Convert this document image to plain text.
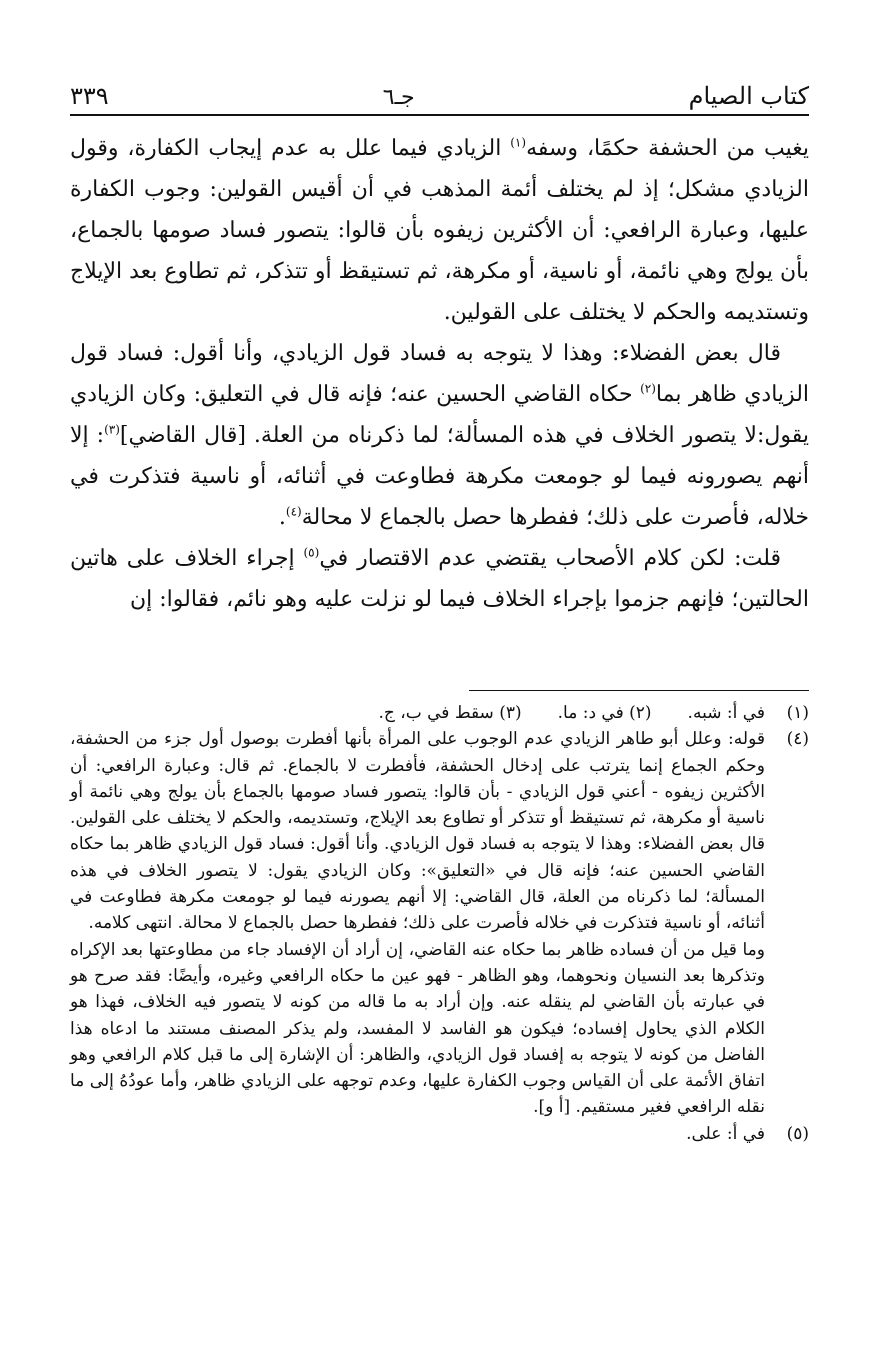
كتاب الصيام
جـ٦
٣٣٩

يغيب من الحشفة حكمًا، وسفه$^{(١)}$ الزيادي فيما علل به عدم إيجاب الكفارة، وقول الزيادي مشكل؛ إذ لم يختلف أئمة المذهب في أن أقيس القولين: وجوب الكفارة عليها، وعبارة الرافعي: أن الأكثرين زيفوه بأن قالوا: يتصور فساد صومها بالجماع، بأن يولج وهي نائمة، أو ناسية، أو مكرهة، ثم تستيقظ أو تتذكر، ثم تطاوع بعد الإيلاج وتستديمه والحكم لا يختلف على القولين.

قال بعض الفضلاء: وهذا لا يتوجه به فساد قول الزيادي، وأنا أقول: فساد قول الزيادي ظاهر بما$^{(٢)}$ حكاه القاضي الحسين عنه؛ فإنه قال في التعليق: وكان الزيادي يقول:لا يتصور الخلاف في هذه المسألة؛ لما ذكرناه من العلة. [قال القاضي]$^{(٣)}$: إلا أنهم يصورونه فيما لو جومعت مكرهة فطاوعت في أثنائه، أو ناسية فتذكرت في خلاله، فأصرت على ذلك؛ ففطرها حصل بالجماع لا محالة$^{(٤)}$.

قلت: لكن كلام الأصحاب يقتضي عدم الاقتصار في$^{(٥)}$ إجراء الخلاف على هاتين الحالتين؛ فإنهم جزموا بإجراء الخلاف فيما لو نزلت عليه وهو نائم، فقالوا: إن

(١)
في أ: شبه.
(٢) في د: ما.
(٣) سقط في ب، ج.
(٤)

قوله: وعلل أبو طاهر الزيادي عدم الوجوب على المرأة بأنها أفطرت بوصول أول جزء من الحشفة، وحكم الجماع إنما يترتب على إدخال الحشفة، فأفطرت لا بالجماع. ثم قال: وعبارة الرافعي: أن الأكثرين زيفوه - أعني قول الزيادي - بأن قالوا: يتصور فساد صومها بالجماع بأن يولج وهي نائمة أو ناسية أو مكرهة، ثم تستيقظ أو تتذكر أو تطاوع بعد الإيلاج، وتستديمه، والحكم لا يختلف على القولين. قال بعض الفضلاء: وهذا لا يتوجه به فساد قول الزيادي. وأنا أقول: فساد قول الزيادي ظاهر بما حكاه القاضي الحسين عنه؛ فإنه قال في «التعليق»: وكان الزيادي يقول: لا يتصور الخلاف في هذه المسألة؛ لما ذكرناه من العلة، قال القاضي: إلا أنهم يصورنه فيما لو جومعت مكرهة فطاوعت في أثنائه، أو ناسية فتذكرت في خلاله فأصرت على ذلك؛ ففطرها حصل بالجماع لا محالة. انتهى كلامه.

وما قيل من أن فساده ظاهر بما حكاه عنه القاضي، إن أراد أن الإفساد جاء من مطاوعتها بعد الإكراه وتذكرها بعد النسيان ونحوهما، وهو الظاهر - فهو عين ما حكاه الرافعي وغيره، وأيضًا: فقد صرح هو في عبارته بأن القاضي لم ينقله عنه. وإن أراد به ما قاله من كونه لا يتصور فيه الخلاف، فهذا هو الكلام الذي يحاول إفساده؛ فيكون هو الفاسد لا المفسد، ولم يذكر المصنف مستند ما ادعاه هذا الفاضل من كونه لا يتوجه به إفساد قول الزيادي، والظاهر: أن الإشارة إلى ما قبل كلام الرافعي وهو اتفاق الأئمة على أن القياس وجوب الكفارة عليها، وعدم توجهه على الزيادي ظاهر، وأما عودُهُ إلى ما نقله الرافعي فغير مستقيم. [أ و].

(٥)
في أ: على.
